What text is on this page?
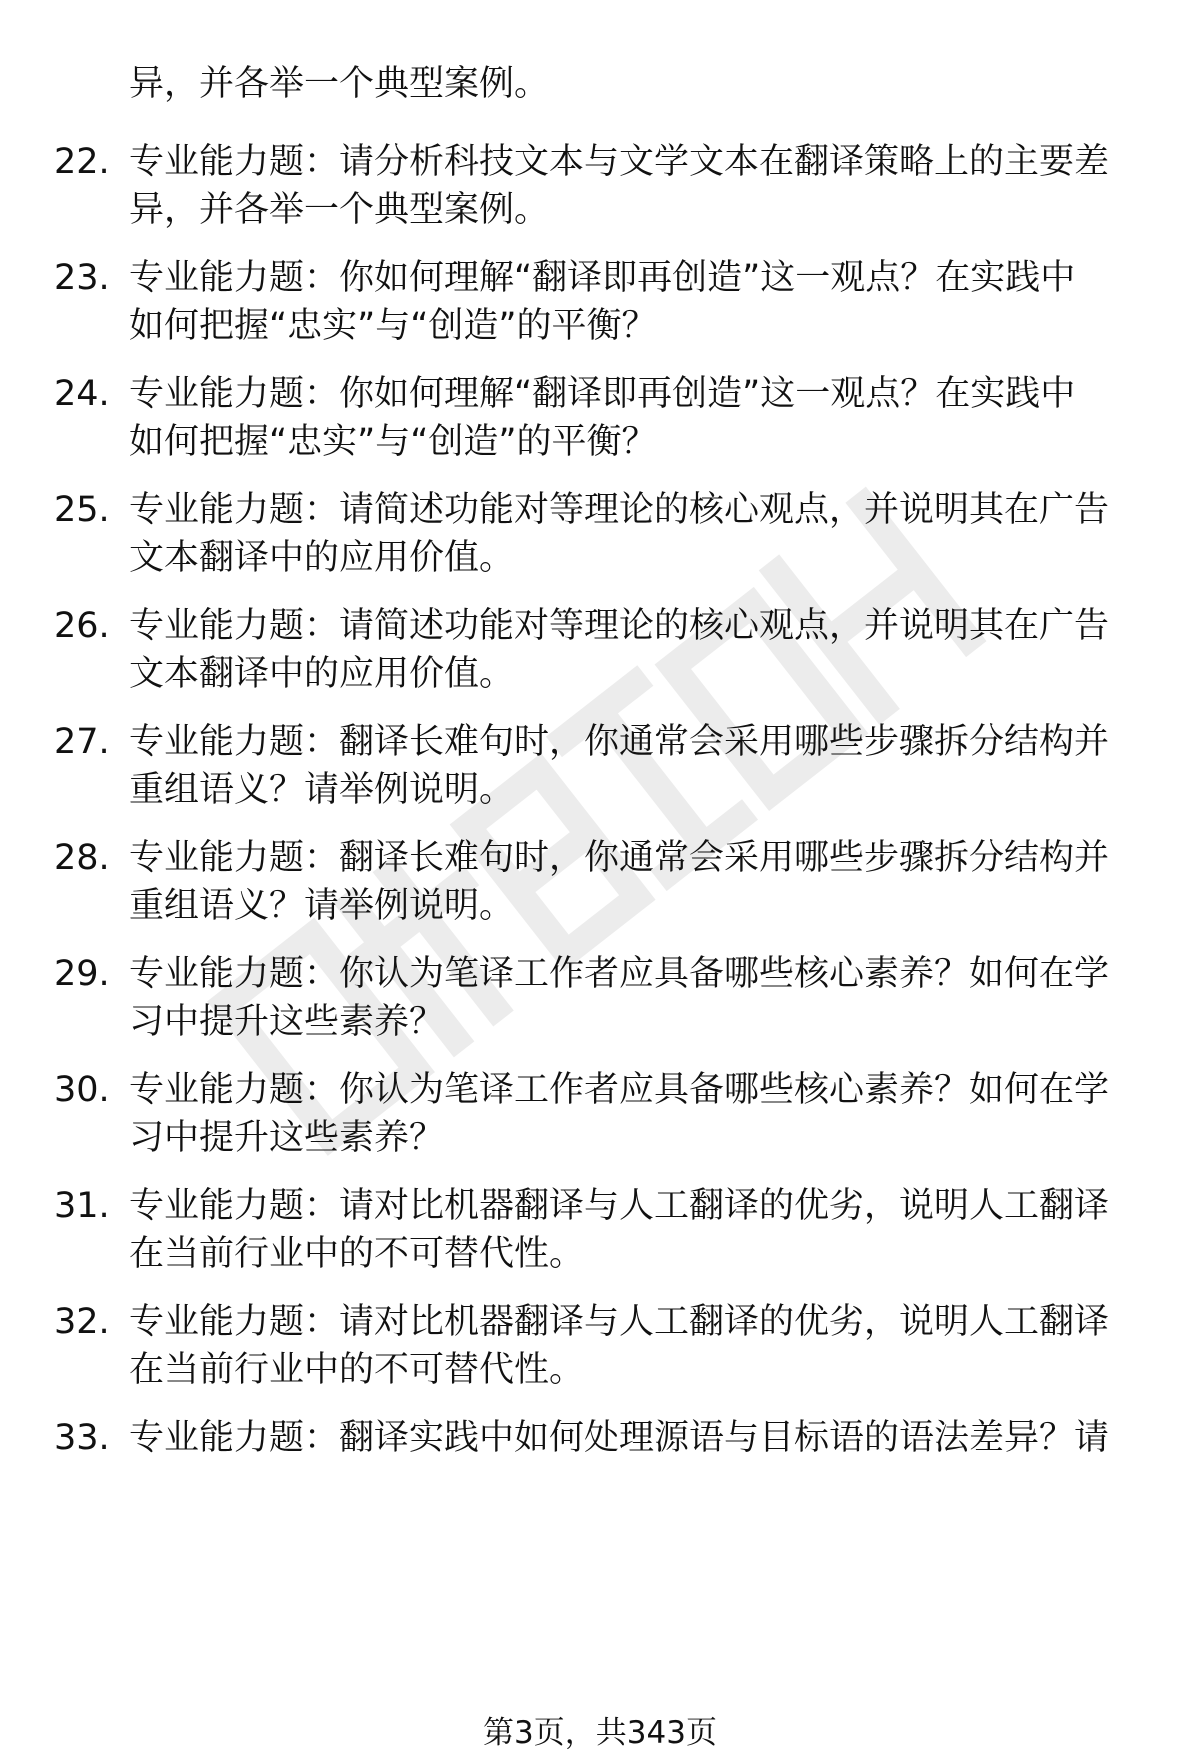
异，并各举一个典型案例。
22. 专业能力题：请分析科技文本与文学文本在翻译策略上的主要差
异，并各举一个典型案例。
23. 专业能力题：你如何理解“翻译即再创造”这一观点？在实践中
如何把握“忠实”与“创造”的平衡？
24. 专业能力题：你如何理解“翻译即再创造”这一观点？在实践中
如何把握“忠实”与“创造”的平衡？
25. 专业能力题：请简述功能对等理论的核心观点，并说明其在广告
文本翻译中的应用价值。
26. 专业能力题：请简述功能对等理论的核心观点，并说明其在广告
文本翻译中的应用价值。
27. 专业能力题：翻译长难句时，你通常会采用哪些步骤拆分结构并
重组语义？请举例说明。
28. 专业能力题：翻译长难句时，你通常会采用哪些步骤拆分结构并
重组语义？请举例说明。
29. 专业能力题：你认为笔译工作者应具备哪些核心素养？如何在学
习中提升这些素养？
30. 专业能力题：你认为笔译工作者应具备哪些核心素养？如何在学
习中提升这些素养？
31. 专业能力题：请对比机器翻译与人工翻译的优劣，说明人工翻译
在当前行业中的不可替代性。
32. 专业能力题：请对比机器翻译与人工翻译的优劣，说明人工翻译
在当前行业中的不可替代性。
33. 专业能力题：翻译实践中如何处理源语与目标语的语法差异？请
第3页，共343页
